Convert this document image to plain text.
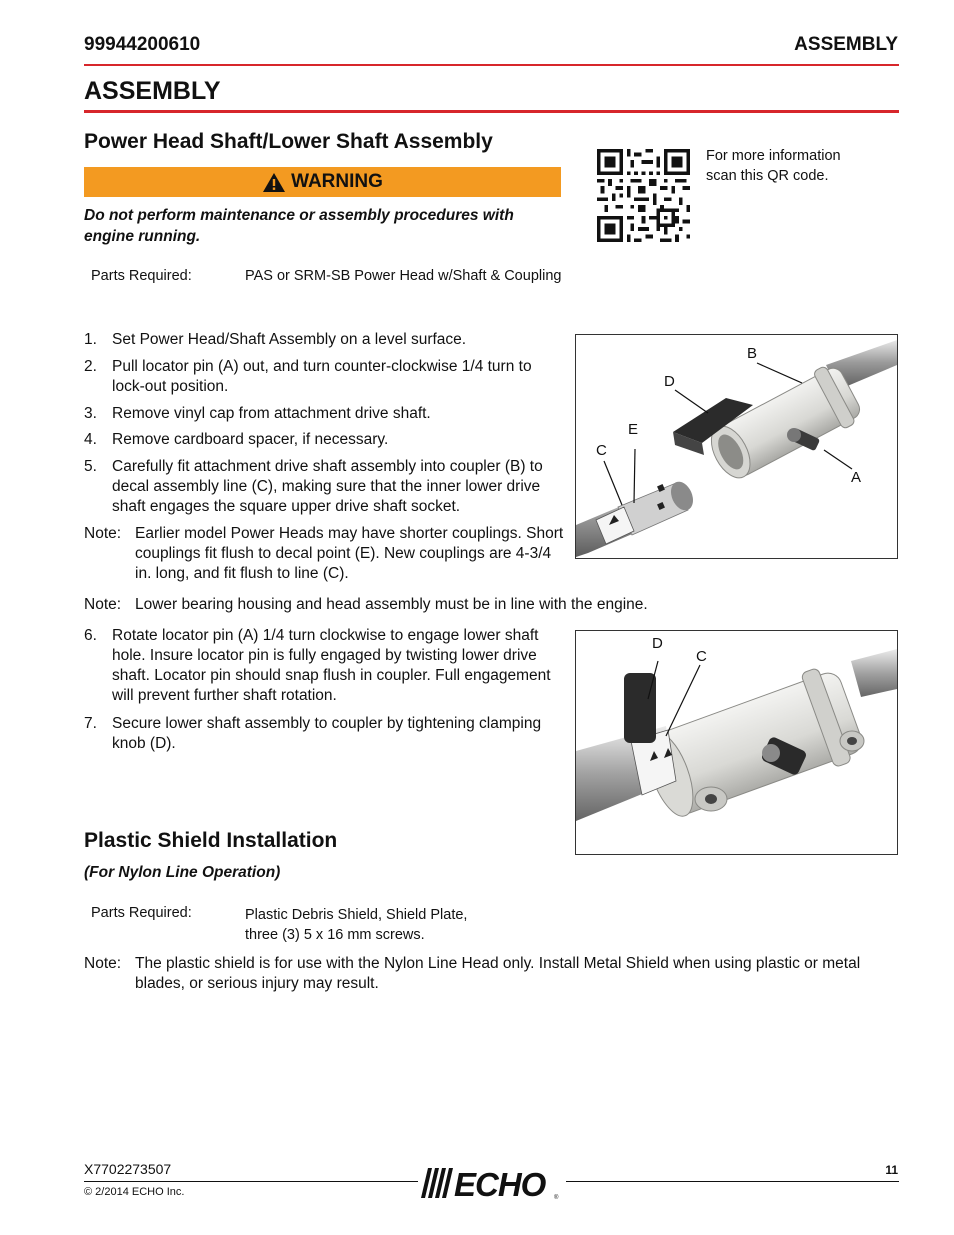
99944200610	ASSEMBLY
ASSEMBLY
Power Head Shaft/Lower Shaft Assembly
WARNING
Do not perform maintenance or assembly procedures with engine running.
For more information
scan this QR code.
Parts Required:	PAS or SRM-SB Power Head w/Shaft & Coupling
1. Set Power Head/Shaft Assembly on a level surface.
2. Pull locator pin (A) out, and turn counter-clockwise 1/4 turn to lock-out position.
3. Remove vinyl cap from attachment drive shaft.
4. Remove cardboard spacer, if necessary.
5. Carefully fit attachment drive shaft assembly into coupler (B) to decal assembly line (C), making sure that the inner lower drive shaft engages the square upper drive shaft socket.
Note: Earlier model Power Heads may have shorter couplings. Short couplings fit flush to decal point (E). New couplings are 4-3/4 in. long, and fit flush to line (C).
Note: Lower bearing housing and head assembly must be in line with the engine.
B
D
E
C
A
6. Rotate locator pin (A) 1/4 turn clockwise to engage lower shaft hole. Insure locator pin is fully engaged by twisting lower drive shaft. Locator pin should snap flush in coupler. Full engagement will prevent further shaft rotation.
7. Secure lower shaft assembly to coupler by tightening clamping knob (D).
D
C
Plastic Shield Installation
(For Nylon Line Operation)
Parts Required:	Plastic Debris Shield, Shield Plate,
three (3) 5 x 16 mm screws.
Note: The plastic shield is for use with the Nylon Line Head only. Install Metal Shield when using plastic or metal blades, or serious injury may result.
X7702273507
© 2/2014 ECHO Inc.
11
ECHO ®
